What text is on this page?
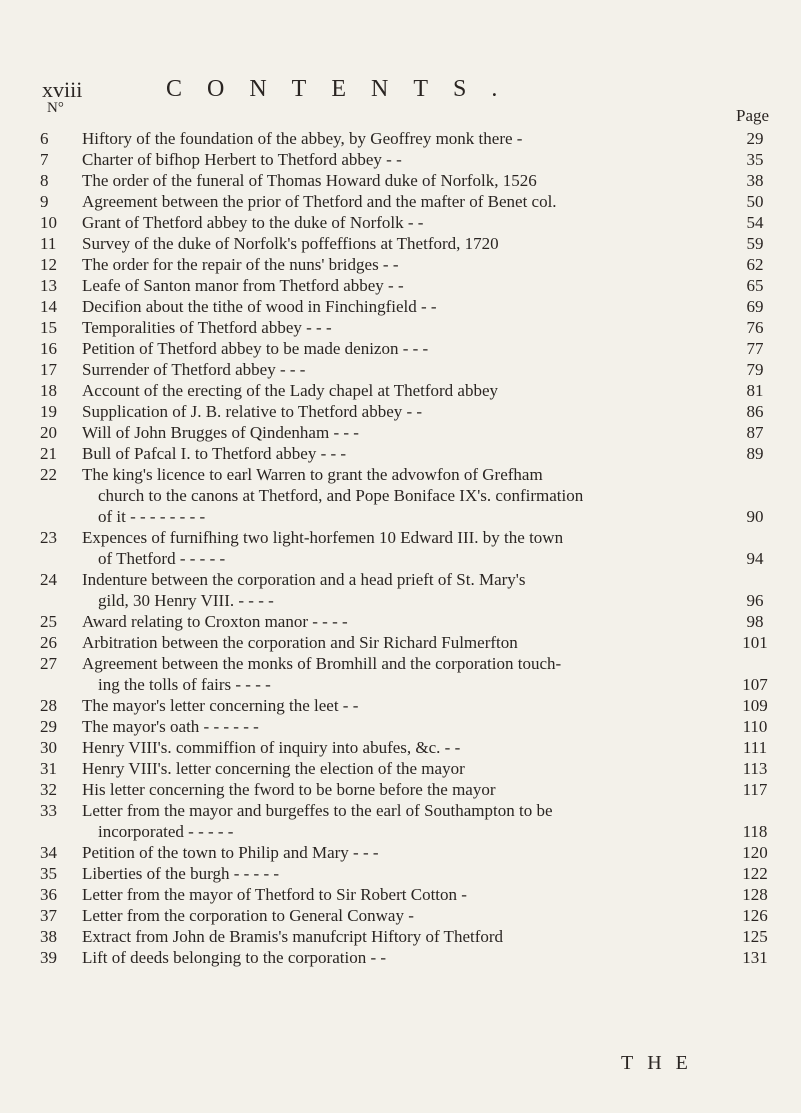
xviii	CONTENTS.
N°	Page
6	Hiftory of the foundation of the abbey, by Geoffrey monk there -	29
7	Charter of bifhop Herbert to Thetford abbey - -	35
8	The order of the funeral of Thomas Howard duke of Norfolk, 1526	38
9	Agreement between the prior of Thetford and the mafter of Benet col.	50
10	Grant of Thetford abbey to the duke of Norfolk - -	54
11	Survey of the duke of Norfolk's poffeffions at Thetford, 1720	59
12	The order for the repair of the nuns' bridges - -	62
13	Leafe of Santon manor from Thetford abbey - -	65
14	Decifion about the tithe of wood in Finchingfield - -	69
15	Temporalities of Thetford abbey - - -	76
16	Petition of Thetford abbey to be made denizon - - -	77
17	Surrender of Thetford abbey - - -	79
18	Account of the erecting of the Lady chapel at Thetford abbey	81
19	Supplication of J. B. relative to Thetford abbey - -	86
20	Will of John Brugges of Qindenham - - -	87
21	Bull of Pafcal I. to Thetford abbey - - -	89
22	The king's licence to earl Warren to grant the advowfon of Grefham
church to the canons at Thetford, and Pope Boniface IX's. confirmation
of it - - - - - - - -	90
23	Expences of furnifhing two light-horfemen 10 Edward III. by the town
of Thetford - - - - -	94
24	Indenture between the corporation and a head prieft of St. Mary's
gild, 30 Henry VIII. - - - -	96
25	Award relating to Croxton manor - - - -	98
26	Arbitration between the corporation and Sir Richard Fulmerfton	101
27	Agreement between the monks of Bromhill and the corporation touch-
ing the tolls of fairs - - - -	107
28	The mayor's letter concerning the leet - -	109
29	The mayor's oath - - - - - -	110
30	Henry VIII's. commiffion of inquiry into abufes, &c. - -	111
31	Henry VIII's. letter concerning the election of the mayor	113
32	His letter concerning the fword to be borne before the mayor	117
33	Letter from the mayor and burgeffes to the earl of Southampton to be
incorporated - - - - -	118
34	Petition of the town to Philip and Mary - - -	120
35	Liberties of the burgh - - - - -	122
36	Letter from the mayor of Thetford to Sir Robert Cotton -	128
37	Letter from the corporation to General Conway -	126
38	Extract from John de Bramis's manufcript Hiftory of Thetford	125
39	Lift of deeds belonging to the corporation - -	131
THE
